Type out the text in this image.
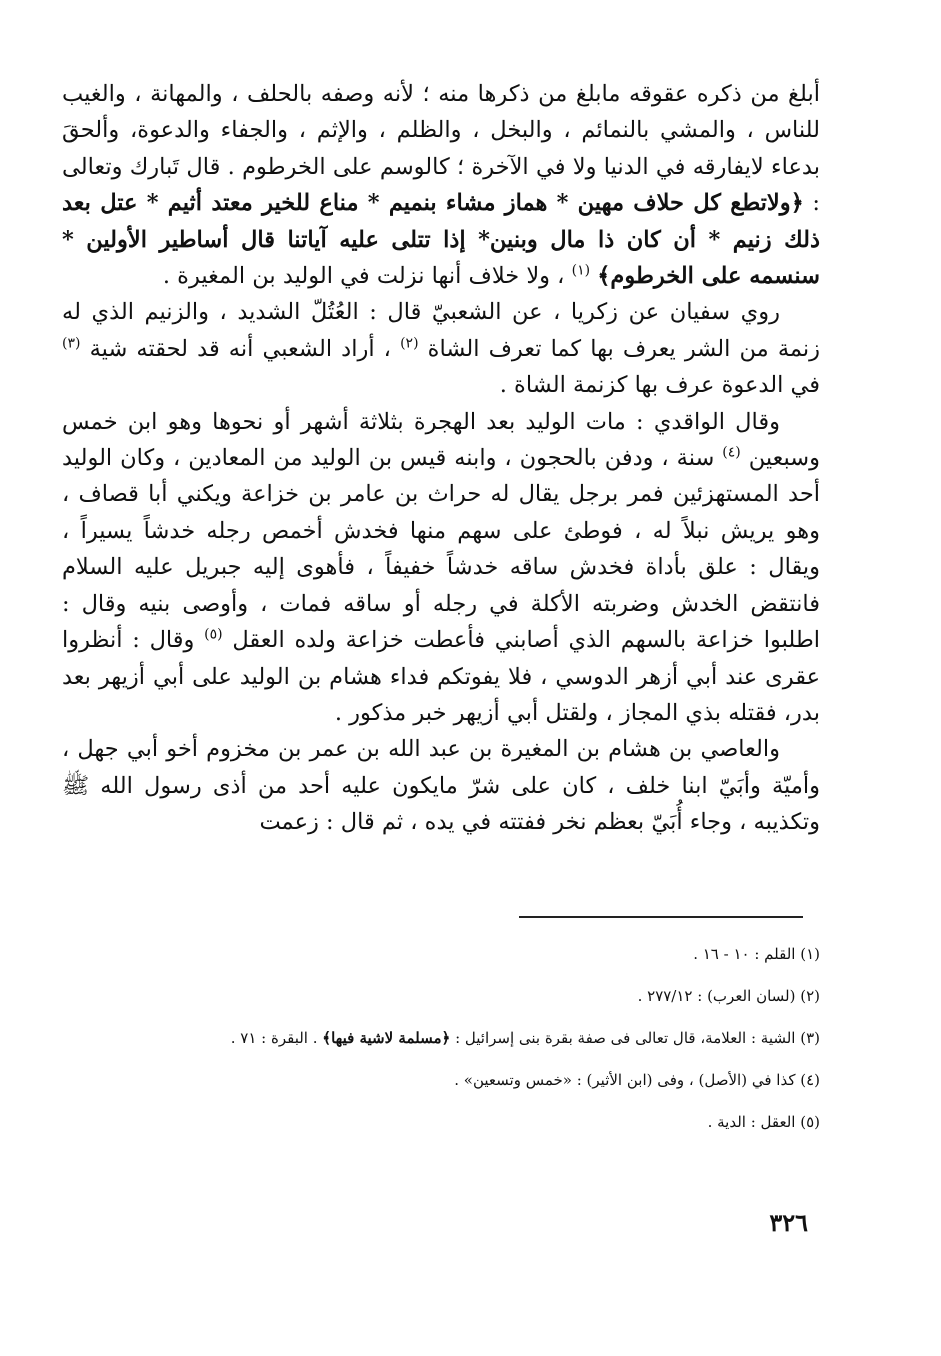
أبلغ من ذكره عقوقه مابلغ من ذكرها منه ؛ لأنه وصفه بالحلف ، والمهانة ، والغيب للناس ، والمشي بالنمائم ، والبخل ، والظلم ، والإثم ، والجفاء والدعوة، وألحقَ بدعاء لايفارقه في الدنيا ولا في الآخرة ؛ كالوسم على الخرطوم . قال تَبارك وتعالى : ﴿ولاتطع كل حلاف مهين * هماز مشاء بنميم * مناع للخير معتد أثيم * عتل بعد ذلك زنيم * أن كان ذا مال وبنين* إذا تتلى عليه آياتنا قال أساطير الأولين * سنسمه على الخرطوم﴾ $^{(١)}$ ، ولا خلاف أنها نزلت في الوليد بن المغيرة .

روي سفيان عن زكريا ، عن الشعبيّ قال : العُتُلّ الشديد ، والزنيم الذي له زنمة من الشر يعرف بها كما تعرف الشاة $^{(٢)}$ ، أراد الشعبي أنه قد لحقته شية $^{(٣)}$ في الدعوة عرف بها كزنمة الشاة .

وقال الواقدي : مات الوليد بعد الهجرة بثلاثة أشهر أو نحوها وهو ابن خمس وسبعين $^{(٤)}$ سنة ، ودفن بالحجون ، وابنه قيس بن الوليد من المعادين ، وكان الوليد أحد المستهزئين فمر برجل يقال له حراث بن عامر بن خزاعة ويكني أبا قصاف ، وهو يريش نبلاً له ، فوطئ على سهم منها فخدش أخمص رجله خدشاً يسيراً ، ويقال : علق بأداة فخدش ساقه خدشاً خفيفاً ، فأهوى إليه جبريل عليه السلام فانتقض الخدش وضربته الأكلة في رجله أو ساقه فمات ، وأوصى بنيه وقال : اطلبوا خزاعة بالسهم الذي أصابني فأعطت خزاعة ولده العقل $^{(٥)}$ وقال : أنظروا عقرى عند أبي أزهر الدوسي ، فلا يفوتكم فداء هشام بن الوليد على أبي أزيهر بعد بدر، فقتله بذي المجاز ، ولقتل أبي أزيهر خبر مذكور .

والعاصي بن هشام بن المغيرة بن عبد الله بن عمر بن مخزوم أخو أبي جهل ، وأميّة وأبَيّ ابنا خلف ، كان على شرّ مايكون عليه أحد من أذى رسول الله ﷺ وتكذيبه ، وجاء أُبَيّ بعظم نخر ففتته في يده ، ثم قال : زعمت

(١) القلم : ١٠ - ١٦ .

(٢) (لسان العرب) : ٢٧٧/١٢ .

(٣) الشية : العلامة، قال تعالى فى صفة بقرة بنى إسرائيل : ﴿مسلمة لاشية فيها﴾ . البقرة : ٧١ .

(٤) كذا في (الأصل) ، وفى (ابن الأثير) : «خمس وتسعين» .

(٥) العقل : الدية .

٣٢٦
